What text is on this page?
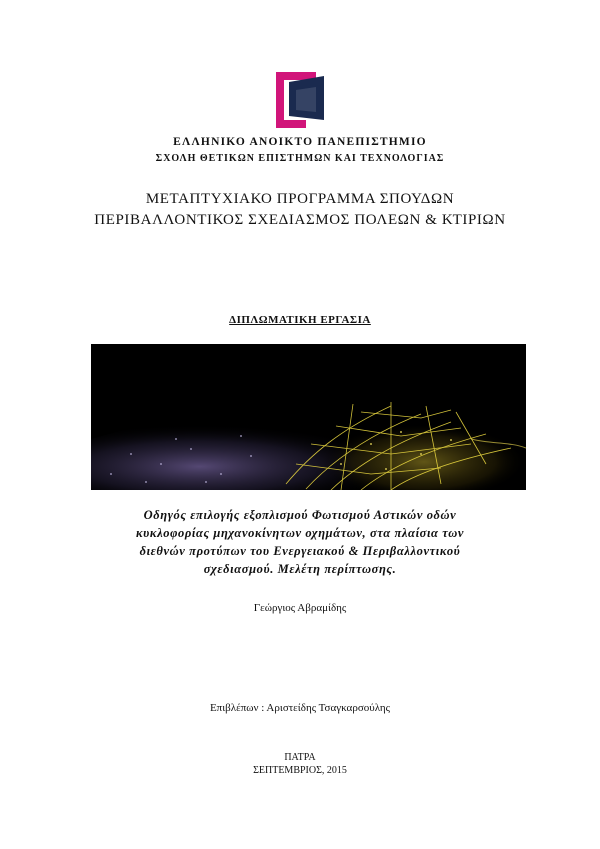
ΕΛΛΗΝΙΚΟ ΑΝΟΙΚΤΟ ΠΑΝΕΠΙΣΤΗΜΙΟ
ΣΧΟΛΗ ΘΕΤΙΚΩΝ ΕΠΙΣΤΗΜΩΝ ΚΑΙ ΤΕΧΝΟΛΟΓΙΑΣ
ΜΕΤΑΠΤΥΧΙΑΚΟ ΠΡΟΓΡΑΜΜΑ ΣΠΟΥΔΩΝ
ΠΕΡΙΒΑΛΛΟΝΤΙΚΟΣ ΣΧΕΔΙΑΣΜΟΣ ΠΟΛΕΩΝ & ΚΤΙΡΙΩΝ
ΔΙΠΛΩΜΑΤΙΚΗ ΕΡΓΑΣΙΑ
Οδηγός επιλογής εξοπλισμού Φωτισμού Αστικών οδών
κυκλοφορίας μηχανοκίνητων οχημάτων, στα πλαίσια των
διεθνών προτύπων του Ενεργειακού & Περιβαλλοντικού
σχεδιασμού. Μελέτη περίπτωσης.
Γεώργιος Αβραμίδης
Επιβλέπων : Αριστείδης Τσαγκαρσούλης
ΠΑΤΡΑ
ΣΕΠΤΕΜΒΡΙΟΣ, 2015
